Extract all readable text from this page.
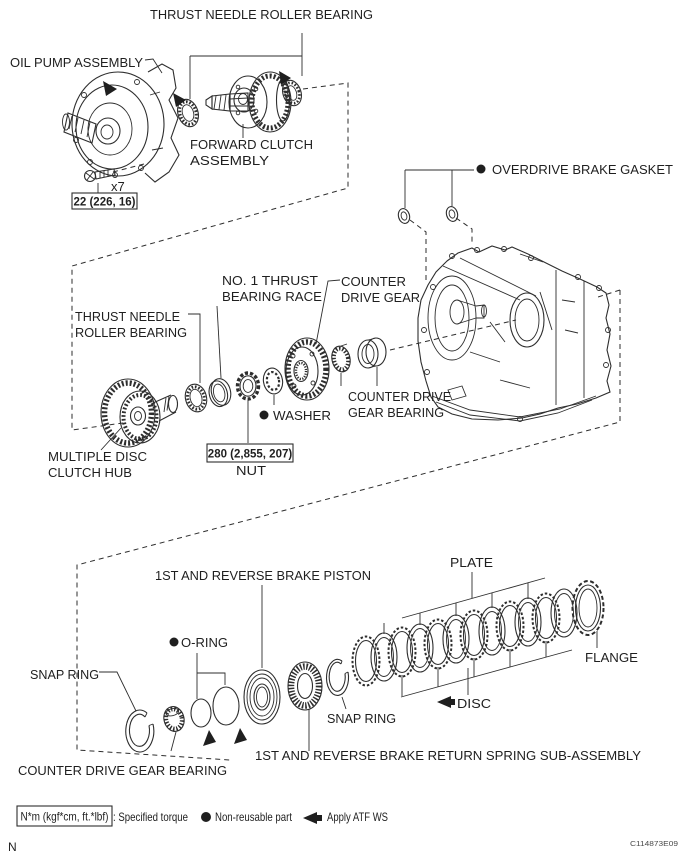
22 (226, 16)
x7
280 (2,855, 207)
THRUST NEEDLE ROLLER BEARING
OIL PUMP ASSEMBLY
FORWARD CLUTCH
ASSEMBLY
OVERDRIVE BRAKE GASKET
NO. 1 THRUST
BEARING RACE
COUNTER
DRIVE GEAR
THRUST NEEDLE
ROLLER BEARING
COUNTER DRIVE
GEAR BEARING
WASHER
MULTIPLE DISC
CLUTCH HUB	NUT
PLATE
1ST AND REVERSE BRAKE PISTON
O-RING
SNAP RING
FLANGE
DISC
SNAP RING
COUNTER DRIVE GEAR BEARING
1ST AND REVERSE BRAKE RETURN SPRING SUB-ASSEMBLY
N*m (kgf*cm, ft.*lbf) : Specified torque Non-reusable part	Apply ATF WS
N	C114873E09
